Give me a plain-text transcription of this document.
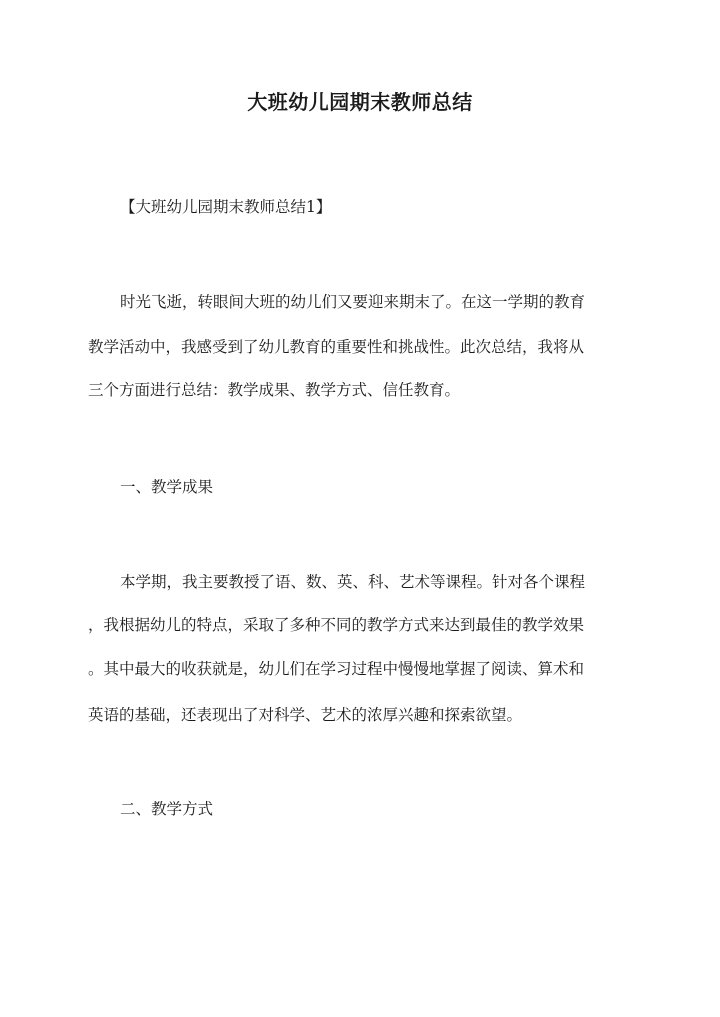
大班幼儿园期末教师总结

【大班幼儿园期末教师总结1】

时光飞逝，转眼间大班的幼儿们又要迎来期末了。在这一学期的教育

教学活动中，我感受到了幼儿教育的重要性和挑战性。此次总结，我将从

三个方面进行总结：教学成果、教学方式、信任教育。

一、教学成果

本学期，我主要教授了语、数、英、科、艺术等课程。针对各个课程

，我根据幼儿的特点，采取了多种不同的教学方式来达到最佳的教学效果

。其中最大的收获就是，幼儿们在学习过程中慢慢地掌握了阅读、算术和

英语的基础，还表现出了对科学、艺术的浓厚兴趣和探索欲望。

二、教学方式
